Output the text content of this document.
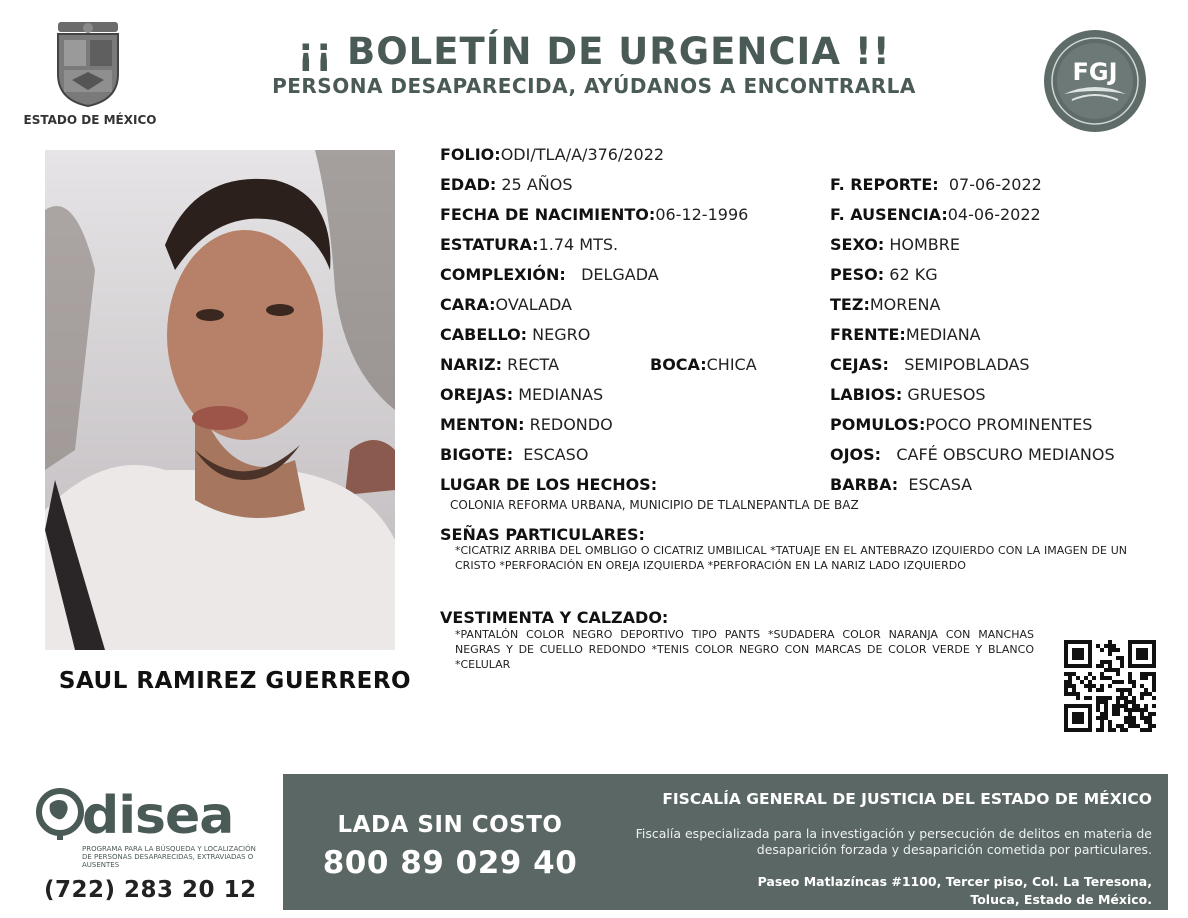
¡¡ BOLETÍN DE URGENCIA !!
PERSONA DESAPARECIDA, AYÚDANOS A ENCONTRARLA
ESTADO DE MÉXICO
FGJ
SAUL RAMIREZ GUERRERO
FOLIO:ODI/TLA/A/376/2022
EDAD: 25 AÑOS
FECHA DE NACIMIENTO:06-12-1996
ESTATURA:1.74 MTS.
COMPLEXIÓN: DELGADA
CARA:OVALADA
CABELLO: NEGRO
NARIZ: RECTA	BOCA:CHICA
OREJAS: MEDIANAS
MENTON: REDONDO
BIGOTE: ESCASO
LUGAR DE LOS HECHOS:
COLONIA REFORMA URBANA, MUNICIPIO DE TLALNEPANTLA DE BAZ
F. REPORTE: 07-06-2022
F. AUSENCIA:04-06-2022
SEXO: HOMBRE
PESO: 62 KG
TEZ:MORENA
FRENTE:MEDIANA
CEJAS: SEMIPOBLADAS
LABIOS: GRUESOS
POMULOS:POCO PROMINENTES
OJOS: CAFÉ OBSCURO MEDIANOS
BARBA: ESCASA
SEÑAS PARTICULARES:
*CICATRIZ ARRIBA DEL OMBLIGO O CICATRIZ UMBILICAL *TATUAJE EN EL ANTEBRAZO IZQUIERDO CON LA IMAGEN DE UN CRISTO *PERFORACIÓN EN OREJA IZQUIERDA *PERFORACIÓN EN LA NARIZ LADO IZQUIERDO
VESTIMENTA Y CALZADO:
*PANTALÓN COLOR NEGRO DEPORTIVO TIPO PANTS *SUDADERA COLOR NARANJA CON MANCHAS NEGRAS Y DE CUELLO REDONDO *TENIS COLOR NEGRO CON MARCAS DE COLOR VERDE Y BLANCO *CELULAR
disea
PROGRAMA PARA LA BÚSQUEDA Y LOCALIZACIÓN DE PERSONAS DESAPARECIDAS, EXTRAVIADAS O AUSENTES
(722) 283 20 12
LADA SIN COSTO
800 89 029 40
FISCALÍA GENERAL DE JUSTICIA DEL ESTADO DE MÉXICO
Fiscalía especializada para la investigación y persecución de delitos en materia de desaparición forzada y desaparición cometida por particulares.
Paseo Matlazíncas #1100, Tercer piso, Col. La Teresona,
Toluca, Estado de México.
